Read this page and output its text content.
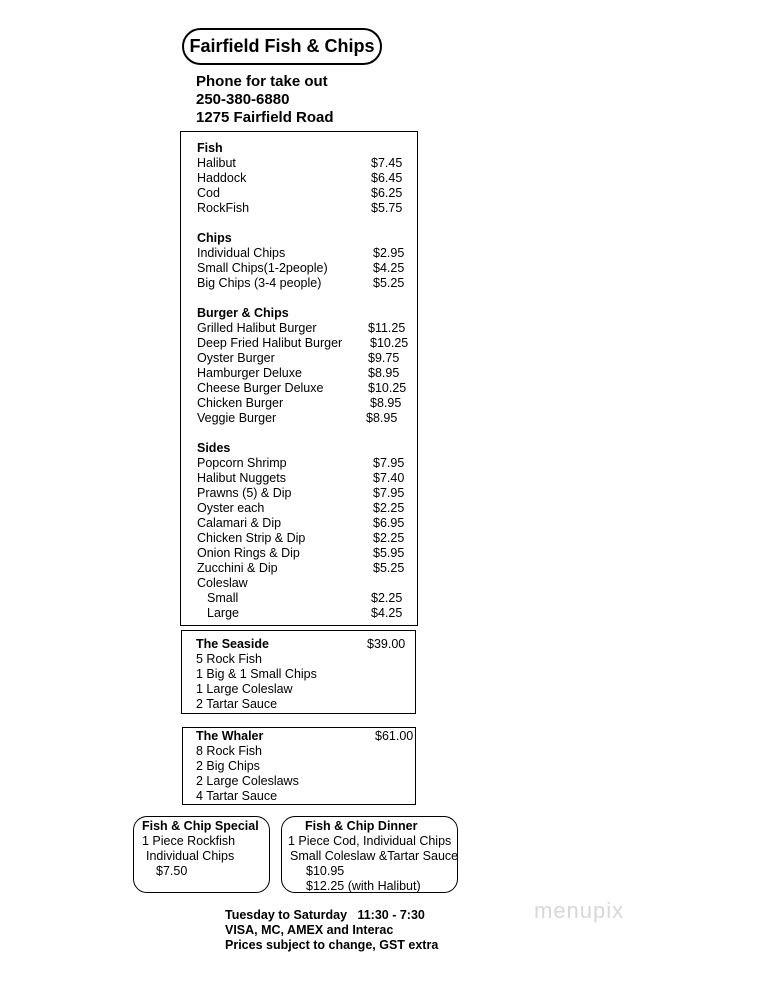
Fairfield Fish & Chips
Phone for take out
250-380-6880
1275 Fairfield Road
Fish
Halibut	$7.45
Haddock	$6.45
Cod	$6.25
RockFish	$5.75
Chips
Individual Chips	$2.95
Small Chips(1-2people)	$4.25
Big Chips (3-4 people)	$5.25
Burger & Chips
Grilled Halibut Burger	$11.25
Deep Fried Halibut Burger $10.25
Oyster Burger	$9.75
Hamburger Deluxe	$8.95
Cheese Burger Deluxe	$10.25
Chicken Burger	$8.95
Veggie Burger	$8.95
Sides
Popcorn Shrimp	$7.95
Halibut Nuggets	$7.40
Prawns (5) & Dip	$7.95
Oyster each	$2.25
Calamari & Dip	$6.95
Chicken Strip & Dip	$2.25
Onion Rings & Dip	$5.95
Zucchini & Dip	$5.25
Coleslaw
Small	$2.25
Large	$4.25
The Seaside	$39.00
5 Rock Fish
1 Big & 1 Small Chips
1 Large Coleslaw
2 Tartar Sauce
The Whaler	$61.00
8 Rock Fish
2 Big Chips
2 Large Coleslaws
4 Tartar Sauce
Fish & Chip Special
1 Piece Rockfish
Individual Chips
$7.50
Fish & Chip Dinner
1 Piece Cod, Individual Chips
Small Coleslaw &Tartar Sauce
$10.95
$12.25 (with Halibut)
Tuesday to Saturday   11:30 - 7:30
VISA, MC, AMEX and Interac
Prices subject to change, GST extra
menupix
